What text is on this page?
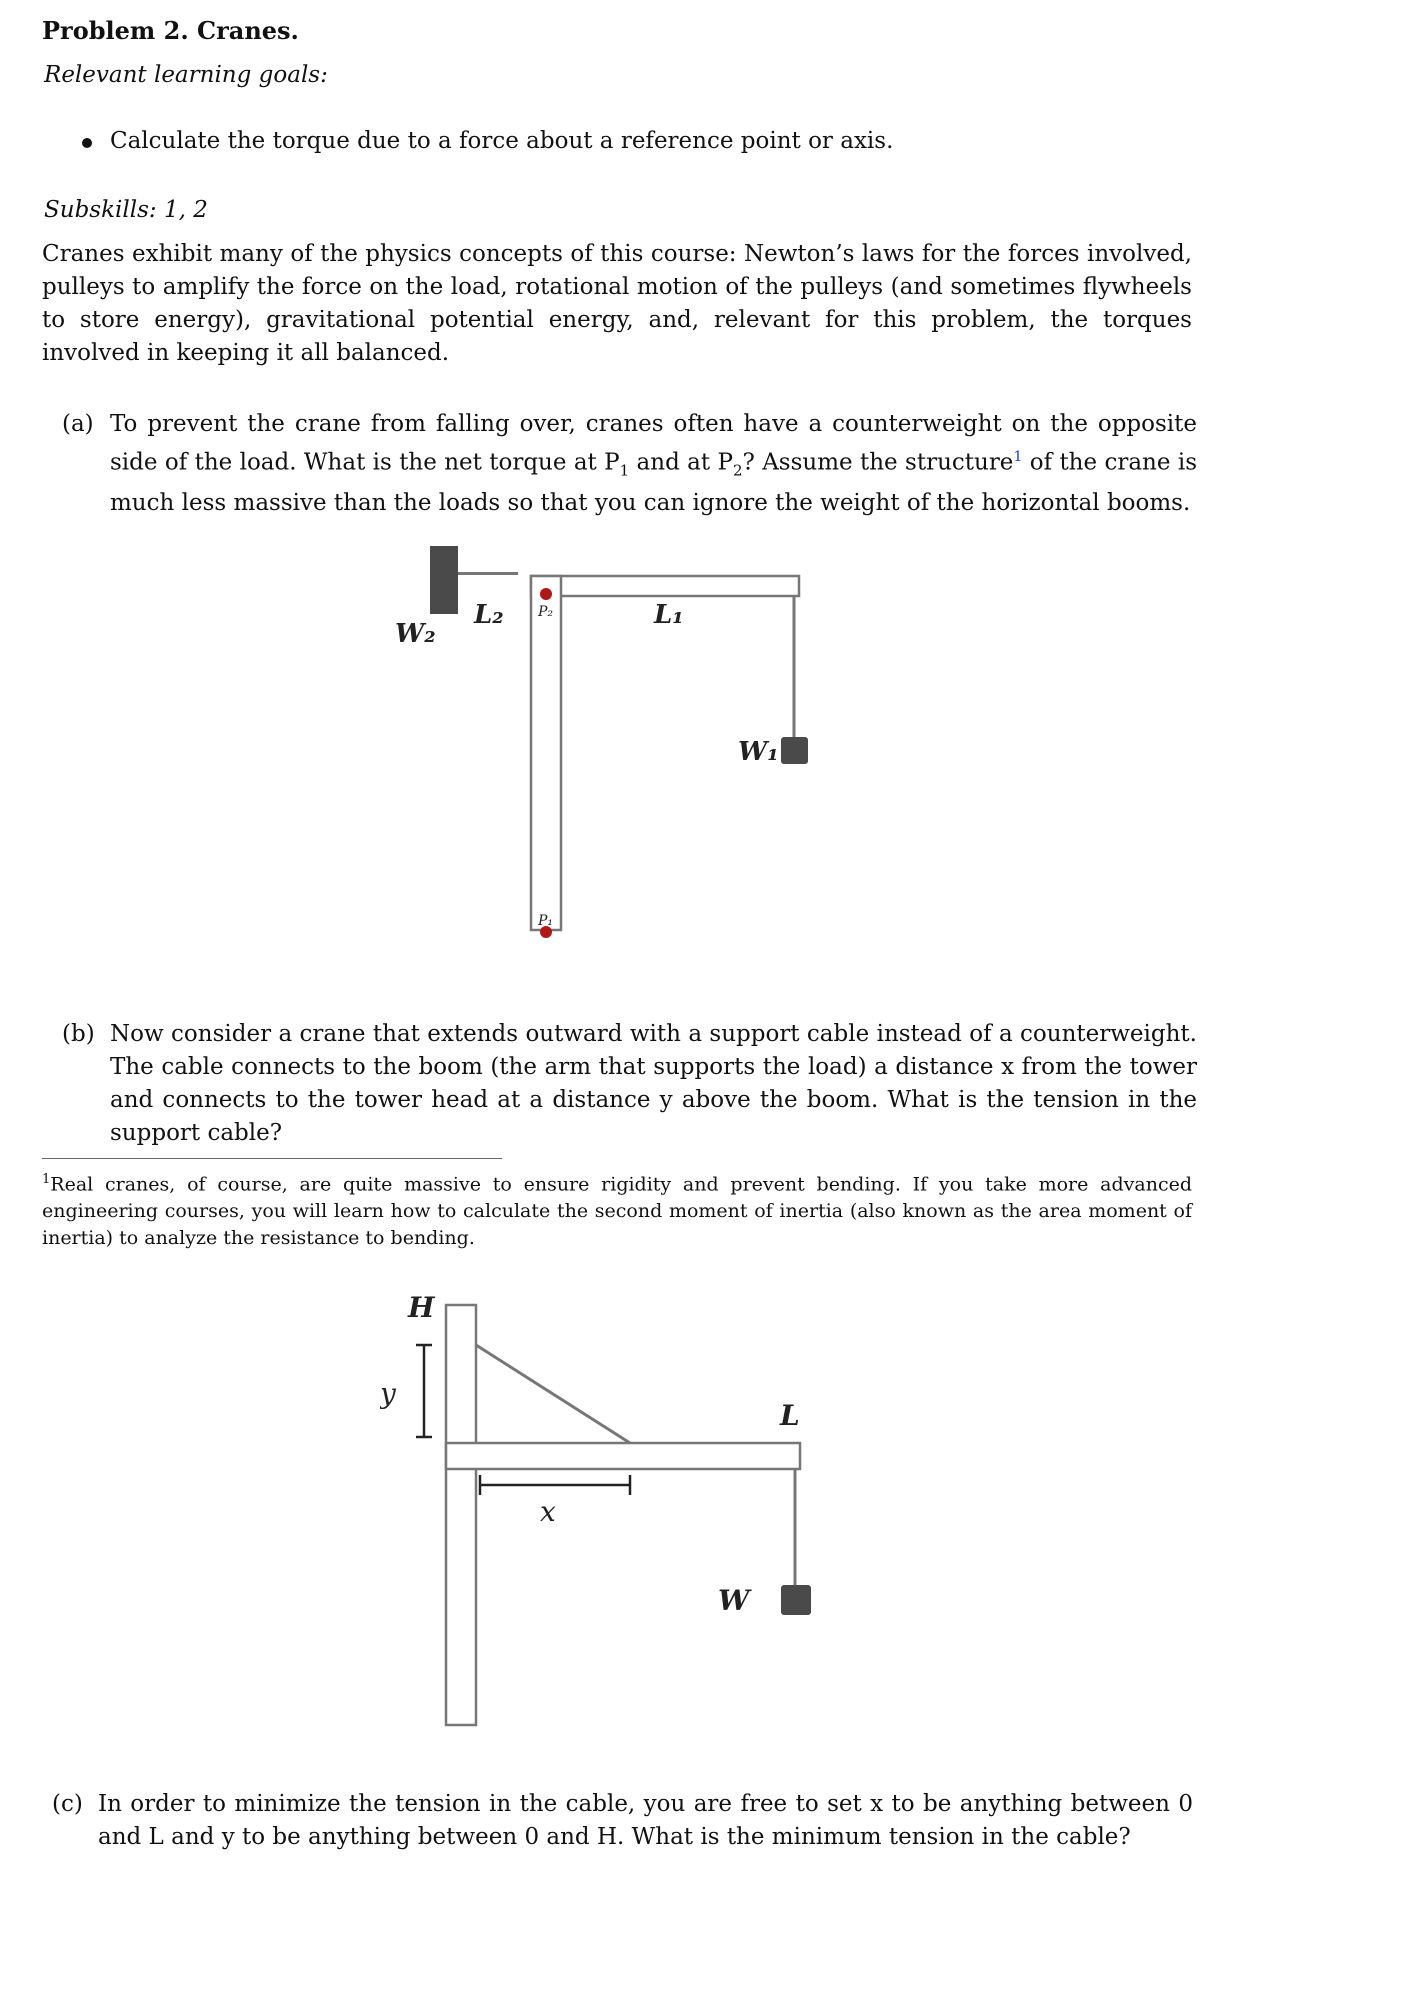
Problem 2. Cranes.
Relevant learning goals:
Calculate the torque due to a force about a reference point or axis.
Subskills: 1, 2
Cranes exhibit many of the physics concepts of this course: Newton’s laws for the forces involved, pulleys to amplify the force on the load, rotational motion of the pulleys (and sometimes flywheels to store energy), gravitational potential energy, and, relevant for this problem, the torques involved in keeping it all balanced.
(a) To prevent the crane from falling over, cranes often have a counterweight on the opposite side of the load. What is the net torque at $P_1$ and at $P_2$? Assume the structure$^1$ of the crane is much less massive than the loads so that you can ignore the weight of the horizontal booms.
W₂
L₂ P₂	L₁
W₁
P₁
(b) Now consider a crane that extends outward with a support cable instead of a counterweight. The cable connects to the boom (the arm that supports the load) a distance x from the tower and connects to the tower head at a distance y above the boom. What is the tension in the support cable?
$^1$Real cranes, of course, are quite massive to ensure rigidity and prevent bending. If you take more advanced engineering courses, you will learn how to calculate the second moment of inertia (also known as the area moment of inertia) to analyze the resistance to bending.
H
y
L
x
W
(c) In order to minimize the tension in the cable, you are free to set x to be anything between 0 and L and y to be anything between 0 and H. What is the minimum tension in the cable?
